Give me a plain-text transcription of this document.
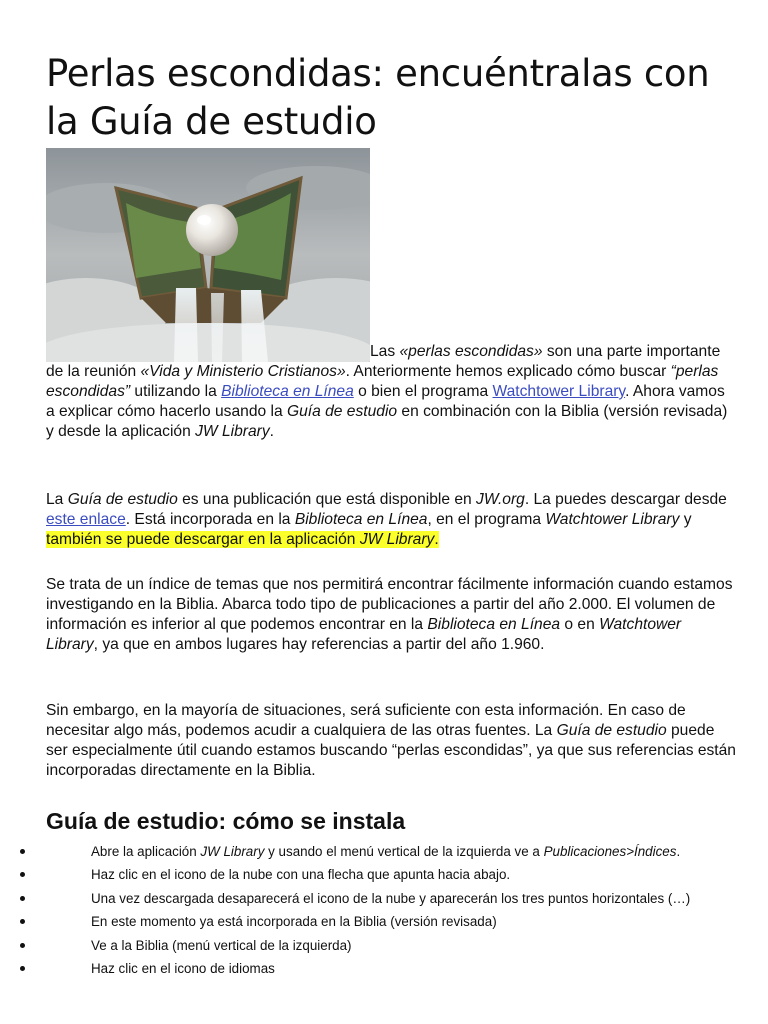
Perlas escondidas: encuéntralas con la Guía de estudio
Las «perlas escondidas» son una parte importante de la reunión «Vida y Ministerio Cristianos». Anteriormente hemos explicado cómo buscar “perlas escondidas” utilizando la Biblioteca en Línea o bien el programa Watchtower Library. Ahora vamos a explicar cómo hacerlo usando la Guía de estudio en combinación con la Biblia (versión revisada) y desde la aplicación JW Library.

La Guía de estudio es una publicación que está disponible en JW.org. La puedes descargar desde este enlace. Está incorporada en la Biblioteca en Línea, en el programa Watchtower Library y también se puede descargar en la aplicación JW Library.

Se trata de un índice de temas que nos permitirá encontrar fácilmente información cuando estamos investigando en la Biblia. Abarca todo tipo de publicaciones a partir del año 2.000. El volumen de información es inferior al que podemos encontrar en la Biblioteca en Línea o en Watchtower Library, ya que en ambos lugares hay referencias a partir del año 1.960.

Sin embargo, en la mayoría de situaciones, será suficiente con esta información. En caso de necesitar algo más, podemos acudir a cualquiera de las otras fuentes. La Guía de estudio puede ser especialmente útil cuando estamos buscando “perlas escondidas”, ya que sus referencias están incorporadas directamente en la Biblia.

Guía de estudio: cómo se instala
Abre la aplicación JW Library y usando el menú vertical de la izquierda ve a Publicaciones>Índices.
Haz clic en el icono de la nube con una flecha que apunta hacia abajo.
Una vez descargada desaparecerá el icono de la nube y aparecerán los tres puntos horizontales (…)
En este momento ya está incorporada en la Biblia (versión revisada)
Ve a la Biblia (menú vertical de la izquierda)
Haz clic en el icono de idiomas
